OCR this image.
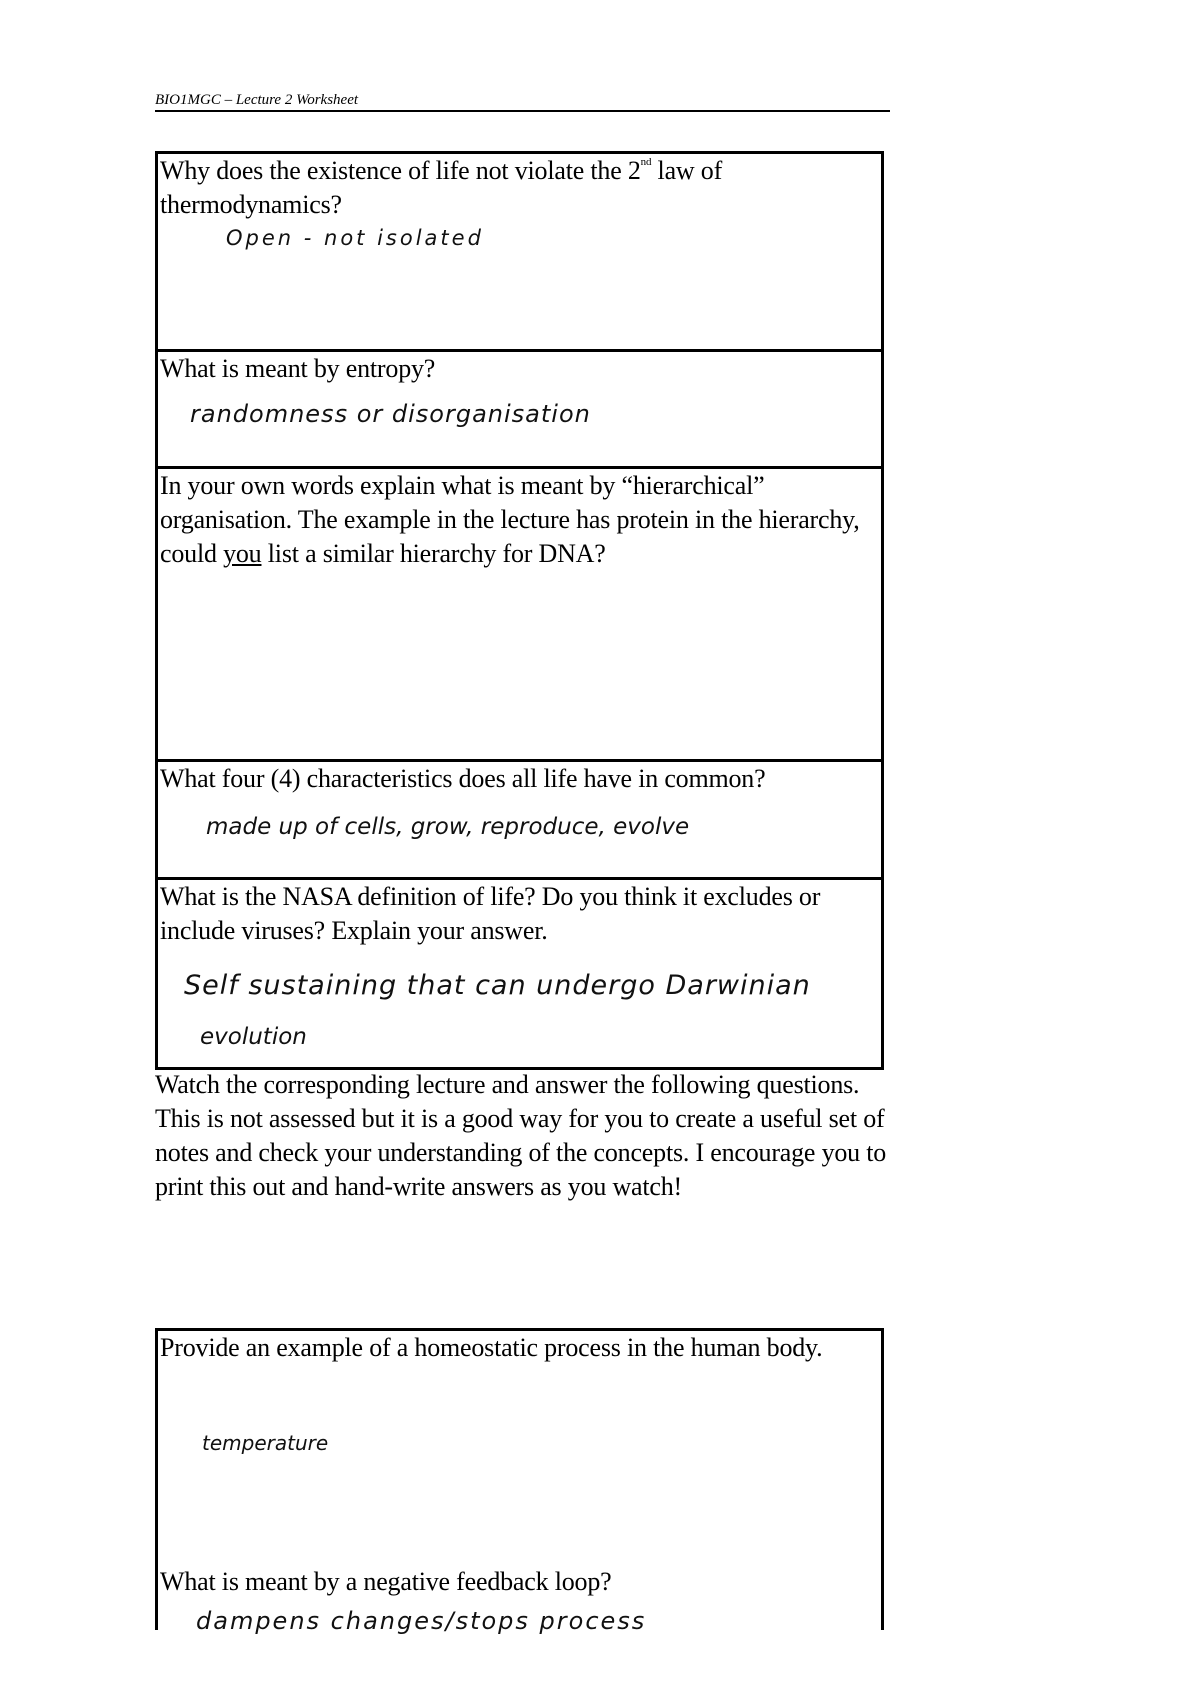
BIO1MGC – Lecture 2 Worksheet

Why does the existence of life not violate the 2nd law of thermodynamics?

Open - not isolated

What is meant by entropy?

randomness or disorganisation

In your own words explain what is meant by “hierarchical” organisation. The example in the lecture has protein in the hierarchy, could you list a similar hierarchy for DNA?

What four (4) characteristics does all life have in common?

made up of cells, grow, reproduce, evolve

What is the NASA definition of life? Do you think it excludes or include viruses? Explain your answer.

Self sustaining that can undergo Darwinian
evolution

Watch the corresponding lecture and answer the following questions. This is not assessed but it is a good way for you to create a useful set of notes and check your understanding of the concepts. I encourage you to print this out and hand-write answers as you watch!

Provide an example of a homeostatic process in the human body.

temperature

What is meant by a negative feedback loop?

dampens changes/stops process
